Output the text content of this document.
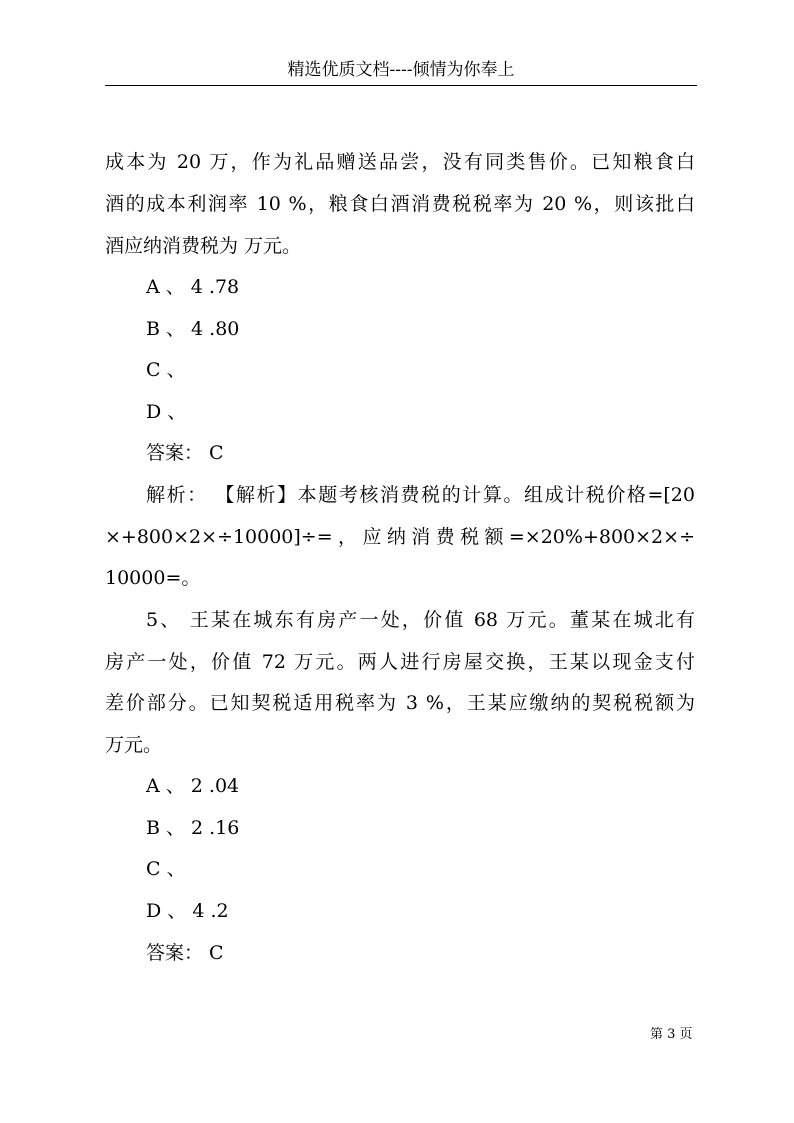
精选优质文档----倾情为你奉上
成本为 20 万，作为礼品赠送品尝，没有同类售价。已知粮食白
酒的成本利润率 10 %，粮食白酒消费税税率为 20 %，则该批白
酒应纳消费税为 万元。
A 、 4 .78
B 、 4 .80
C 、
D 、
答案： C
解析： 【解析】本题考核消费税的计算。组成计税价格=[20
×+800×2×÷10000]÷=，应纳消费税额=×20%+800×2×÷
10000=。
5、 王某在城东有房产一处，价值 68 万元。董某在城北有
房产一处，价值 72 万元。两人进行房屋交换，王某以现金支付
差价部分。已知契税适用税率为 3 %，王某应缴纳的契税税额为
万元。
A 、 2 .04
B 、 2 .16
C 、
D 、 4 .2
答案： C
第 3 页
